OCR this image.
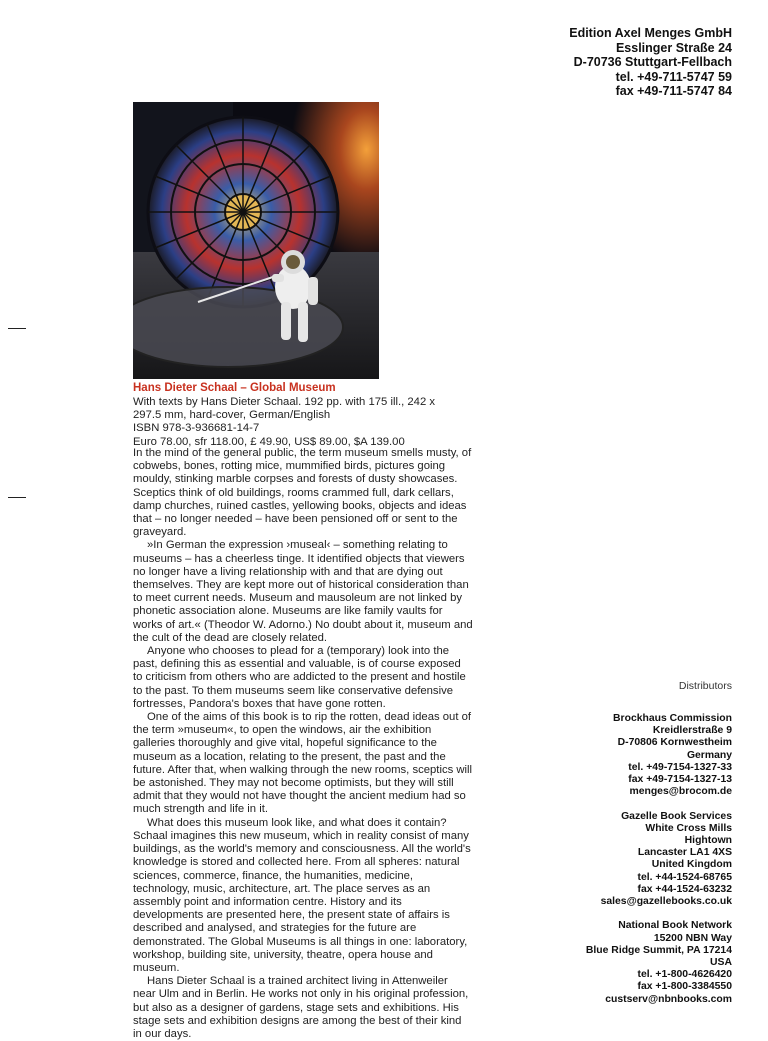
Edition Axel Menges GmbH
Esslinger Straße 24
D-70736 Stuttgart-Fellbach
tel. +49-711-5747 59
fax +49-711-5747 84
Hans Dieter Schaal – Global Museum
With texts by Hans Dieter Schaal. 192 pp. with 175 ill., 242 x
297.5 mm, hard-cover, German/English
ISBN 978-3-936681-14-7
Euro 78.00, sfr 118.00, £ 49.90, US$ 89.00, $A 139.00

In the mind of the general public, the term museum smells musty, of cobwebs, bones, rotting mice, mummified birds, pictures going mouldy, stinking marble corpses and forests of dusty showcases. Sceptics think of old buildings, rooms crammed full, dark cellars, damp churches, ruined castles, yellowing books, objects and ideas that – no longer needed – have been pensioned off or sent to the graveyard.

»In German the expression ›museal‹ – something relating to museums – has a cheerless tinge. It identified objects that viewers no longer have a living relationship with and that are dying out themselves. They are kept more out of historical consideration than to meet current needs. Museum and mausoleum are not linked by phonetic association alone. Museums are like family vaults for works of art.« (Theodor W. Adorno.) No doubt about it, museum and the cult of the dead are closely related.

Anyone who chooses to plead for a (temporary) look into the past, defining this as essential and valuable, is of course exposed to criticism from others who are addicted to the present and hostile to the past. To them museums seem like conservative defensive fortresses, Pandora's boxes that have gone rotten.

One of the aims of this book is to rip the rotten, dead ideas out of the term »museum«, to open the windows, air the exhibition galleries thoroughly and give vital, hopeful significance to the museum as a location, relating to the present, the past and the future. After that, when walking through the new rooms, sceptics will be astonished. They may not become optimists, but they will still admit that they would not have thought the ancient medium had so much strength and life in it.

What does this museum look like, and what does it contain? Schaal imagines this new museum, which in reality consist of many buildings, as the world's memory and consciousness. All the world's knowledge is stored and collected here. From all spheres: natural sciences, commerce, finance, the humanities, medicine, technology, music, architecture, art. The place serves as an assembly point and information centre. History and its developments are presented here, the present state of affairs is described and analysed, and strategies for the future are demonstrated. The Global Museums is all things in one: laboratory, workshop, building site, university, theatre, opera house and museum.

Hans Dieter Schaal is a trained architect living in Attenweiler near Ulm and in Berlin. He works not only in his original profession, but also as a designer of gardens, stage sets and exhibitions. His stage sets and exhibition designs are among the best of their kind in our days.

Distributors
Brockhaus Commission
Kreidlerstraße 9
D-70806 Kornwestheim
Germany
tel. +49-7154-1327-33
fax +49-7154-1327-13
menges@brocom.de
Gazelle Book Services
White Cross Mills
Hightown
Lancaster LA1 4XS
United Kingdom
tel. +44-1524-68765
fax +44-1524-63232
sales@gazellebooks.co.uk
National Book Network
15200 NBN Way
Blue Ridge Summit, PA 17214
USA
tel. +1-800-4626420
fax +1-800-3384550
custserv@nbnbooks.com
